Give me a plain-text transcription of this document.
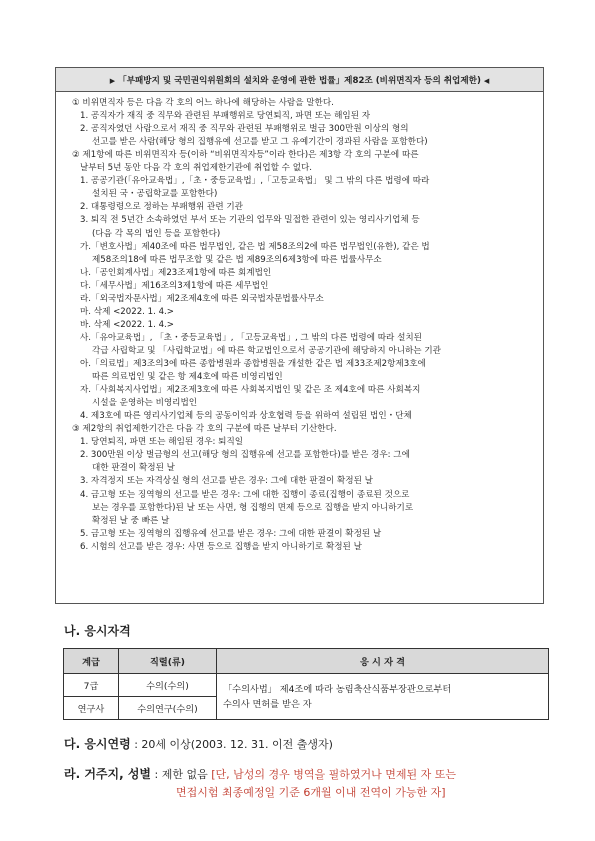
▶ 「부패방지 및 국민권익위원회의 설치와 운영에 관한 법률」제82조 (비위면직자 등의 취업제한) ◀
① 비위면직자 등은 다음 각 호의 어느 하나에 해당하는 사람을 말한다.
1. 공직자가 재직 중 직무와 관련된 부패행위로 당연퇴직, 파면 또는 해임된 자
2. 공직자였던 사람으로서 재직 중 직무와 관련된 부패행위로 벌금 300만원 이상의 형의
선고를 받은 사람(해당 형의 집행유예 선고를 받고 그 유예기간이 경과된 사람을 포함한다)
② 제1항에 따른 비위면직자 등(이하 “비위면직자등”이라 한다)은 제3항 각 호의 구분에 따른
날부터 5년 동안 다음 각 호의 취업제한기관에 취업할 수 없다.
1. 공공기관(「유아교육법」,「초・중등교육법」,「고등교육법」 및 그 밖의 다른 법령에 따라
설치된 국・공립학교를 포함한다)
2. 대통령령으로 정하는 부패행위 관련 기관
3. 퇴직 전 5년간 소속하였던 부서 또는 기관의 업무와 밀접한 관련이 있는 영리사기업체 등
(다음 각 목의 법인 등을 포함한다)
가.「변호사법」제40조에 따른 법무법인, 같은 법 제58조의2에 따른 법무법인(유한), 같은 법
제58조의18에 따른 법무조합 및 같은 법 제89조의6제3항에 따른 법률사무소
나.「공인회계사법」제23조제1항에 따른 회계법인
다.「세무사법」제16조의3제1항에 따른 세무법인
라.「외국법자문사법」제2조제4호에 따른 외국법자문법률사무소
마. 삭제 <2022. 1. 4.>
바. 삭제 <2022. 1. 4.>
사.「유아교육법」, 「초・중등교육법」, 「고등교육법」, 그 밖의 다른 법령에 따라 설치된
각급 사립학교 및 「사립학교법」에 따른 학교법인으로서 공공기관에 해당하지 아니하는 기관
아.「의료법」제3조의3에 따른 종합병원과 종합병원을 개설한 같은 법 제33조제2항제3호에
따른 의료법인 및 같은 항 제4호에 따른 비영리법인
자.「사회복지사업법」제2조제3호에 따른 사회복지법인 및 같은 조 제4호에 따른 사회복지
시설을 운영하는 비영리법인
4. 제3호에 따른 영리사기업체 등의 공동이익과 상호협력 등을 위하여 설립된 법인・단체
③ 제2항의 취업제한기간은 다음 각 호의 구분에 따른 날부터 기산한다.
1. 당연퇴직, 파면 또는 해임된 경우: 퇴직일
2. 300만원 이상 벌금형의 선고(해당 형의 집행유예 선고를 포함한다)를 받은 경우: 그에
대한 판결이 확정된 날
3. 자격정지 또는 자격상실 형의 선고를 받은 경우: 그에 대한 판결이 확정된 날
4. 금고형 또는 징역형의 선고를 받은 경우: 그에 대한 집행이 종료(집행이 종료된 것으로
보는 경우를 포함한다)된 날 또는 사면, 형 집행의 면제 등으로 집행을 받지 아니하기로
확정된 날 중 빠른 날
5. 금고형 또는 징역형의 집행유예 선고를 받은 경우: 그에 대한 판결이 확정된 날
6. 시험의 선고를 받은 경우: 사면 등으로 집행을 받지 아니하기로 확정된 날
나. 응시자격
계급	직렬(류)	응 시 자 격
7급	수의(수의)	「수의사법」 제4조에 따라 농림축산식품부장관으로부터
수의사 면허를 받은 자

연구사	수의연구(수의)	
다. 응시연령 : 20세 이상(2003. 12. 31. 이전 출생자)
라. 거주지, 성별 : 제한 없음 [단, 남성의 경우 병역을 필하였거나 면제된 자 또는
면접시험 최종예정일 기준 6개월 이내 전역이 가능한 자]
